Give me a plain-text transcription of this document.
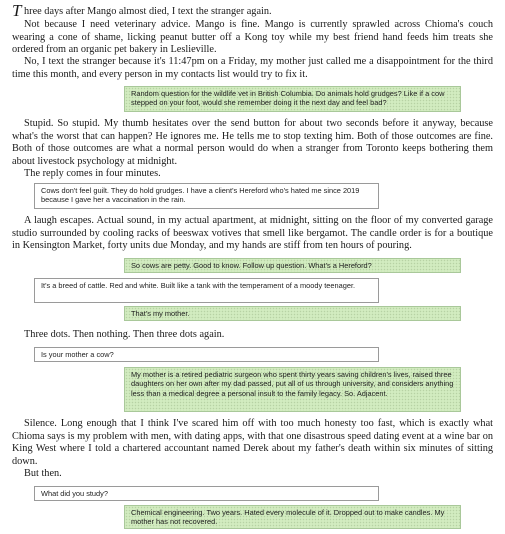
Three days after Mango almost died, I text the stranger again.

Not because I need veterinary advice. Mango is fine. Mango is currently sprawled across Chioma's couch wearing a cone of shame, licking peanut butter off a Kong toy while my best friend hand feeds him treats she ordered from an organic pet bakery in Leslieville.

No, I text the stranger because it's 11:47pm on a Friday, my mother just called me a disappointment for the third time this month, and every person in my contacts list would try to fix it.

Random question for the wildlife vet in British Columbia. Do animals hold grudges? Like if a cow stepped on your foot, would she remember doing it the next day and feel bad?

Stupid. So stupid. My thumb hesitates over the send button for about two seconds before it anyway, because what's the worst that can happen? He ignores me. He tells me to stop texting him. Both of those outcomes are fine. Both of those outcomes are what a normal person would do when a stranger from Toronto keeps bothering them about livestock psychology at midnight.

The reply comes in four minutes.

Cows don't feel guilt. They do hold grudges. I have a client's Hereford who's hated me since 2019 because I gave her a vaccination in the rain.

A laugh escapes. Actual sound, in my actual apartment, at midnight, sitting on the floor of my converted garage studio surrounded by cooling racks of beeswax votives that smell like bergamot. The candle order is for a boutique in Kensington Market, forty units due Monday, and my hands are stiff from ten hours of pouring.

So cows are petty. Good to know. Follow up question. What's a Hereford?
It's a breed of cattle. Red and white. Built like a tank with the temperament of a moody teenager.
That's my mother.

Three dots. Then nothing. Then three dots again.

Is your mother a cow?
My mother is a retired pediatric surgeon who spent thirty years saving children's lives, raised three daughters on her own after my dad passed, put all of us through university, and considers anything less than a medical degree a personal insult to the family legacy. So. Adjacent.

Silence. Long enough that I think I've scared him off with too much honesty too fast, which is exactly what Chioma says is my problem with men, with dating apps, with that one disastrous speed dating event at a wine bar on King West where I told a chartered accountant named Derek about my father's death within six minutes of sitting down.

But then.

What did you study?
Chemical engineering. Two years. Hated every molecule of it. Dropped out to make candles. My mother has not recovered.
